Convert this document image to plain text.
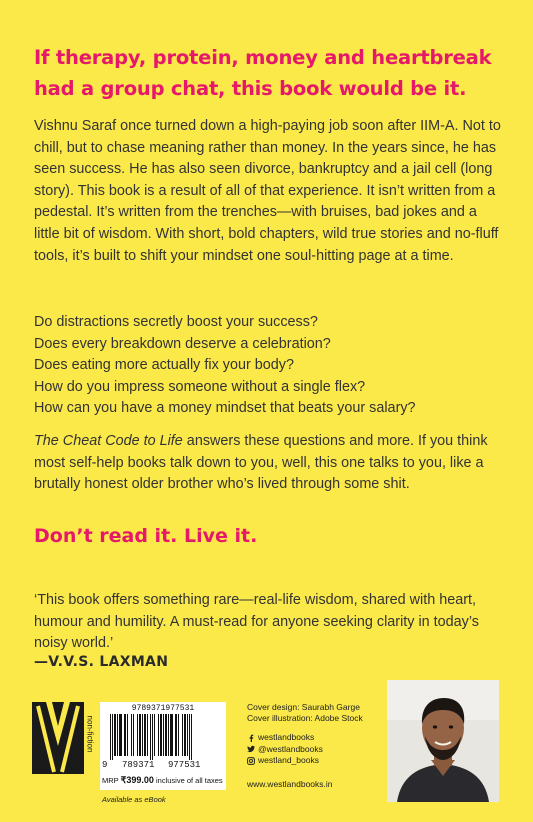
If therapy, protein, money and heartbreak had a group chat, this book would be it.

Vishnu Saraf once turned down a high-paying job soon after IIM-A. Not to chill, but to chase meaning rather than money. In the years since, he has seen success. He has also seen divorce, bankruptcy and a jail cell (long story). This book is a result of all of that experience. It isn’t written from a pedestal. It’s written from the trenches—with bruises, bad jokes and a little bit of wisdom. With short, bold chapters, wild true stories and no-fluff tools, it’s built to shift your mindset one soul-hitting page at a time.

Do distractions secretly boost your success?
Does every breakdown deserve a celebration?
Does eating more actually fix your body?
How do you impress someone without a single flex?
How can you have a money mindset that beats your salary?

The Cheat Code to Life answers these questions and more. If you think most self-help books talk down to you, well, this one talks to you, like a brutally honest older brother who’s lived through some shit.

Don’t read it. Live it.

‘This book offers something rare—real-life wisdom, shared with heart, humour and humility. A must-read for anyone seeking clarity in today’s noisy world.’

—V.V.S. LAXMAN

non-fiction
9789371977531
9 789371 977531
MRP ₹399.00 inclusive of all taxes
Available as eBook

Cover design: Saurabh Garge
Cover illustration: Adobe Stock

westlandbooks
@westlandbooks
westland_books

www.westlandbooks.in
